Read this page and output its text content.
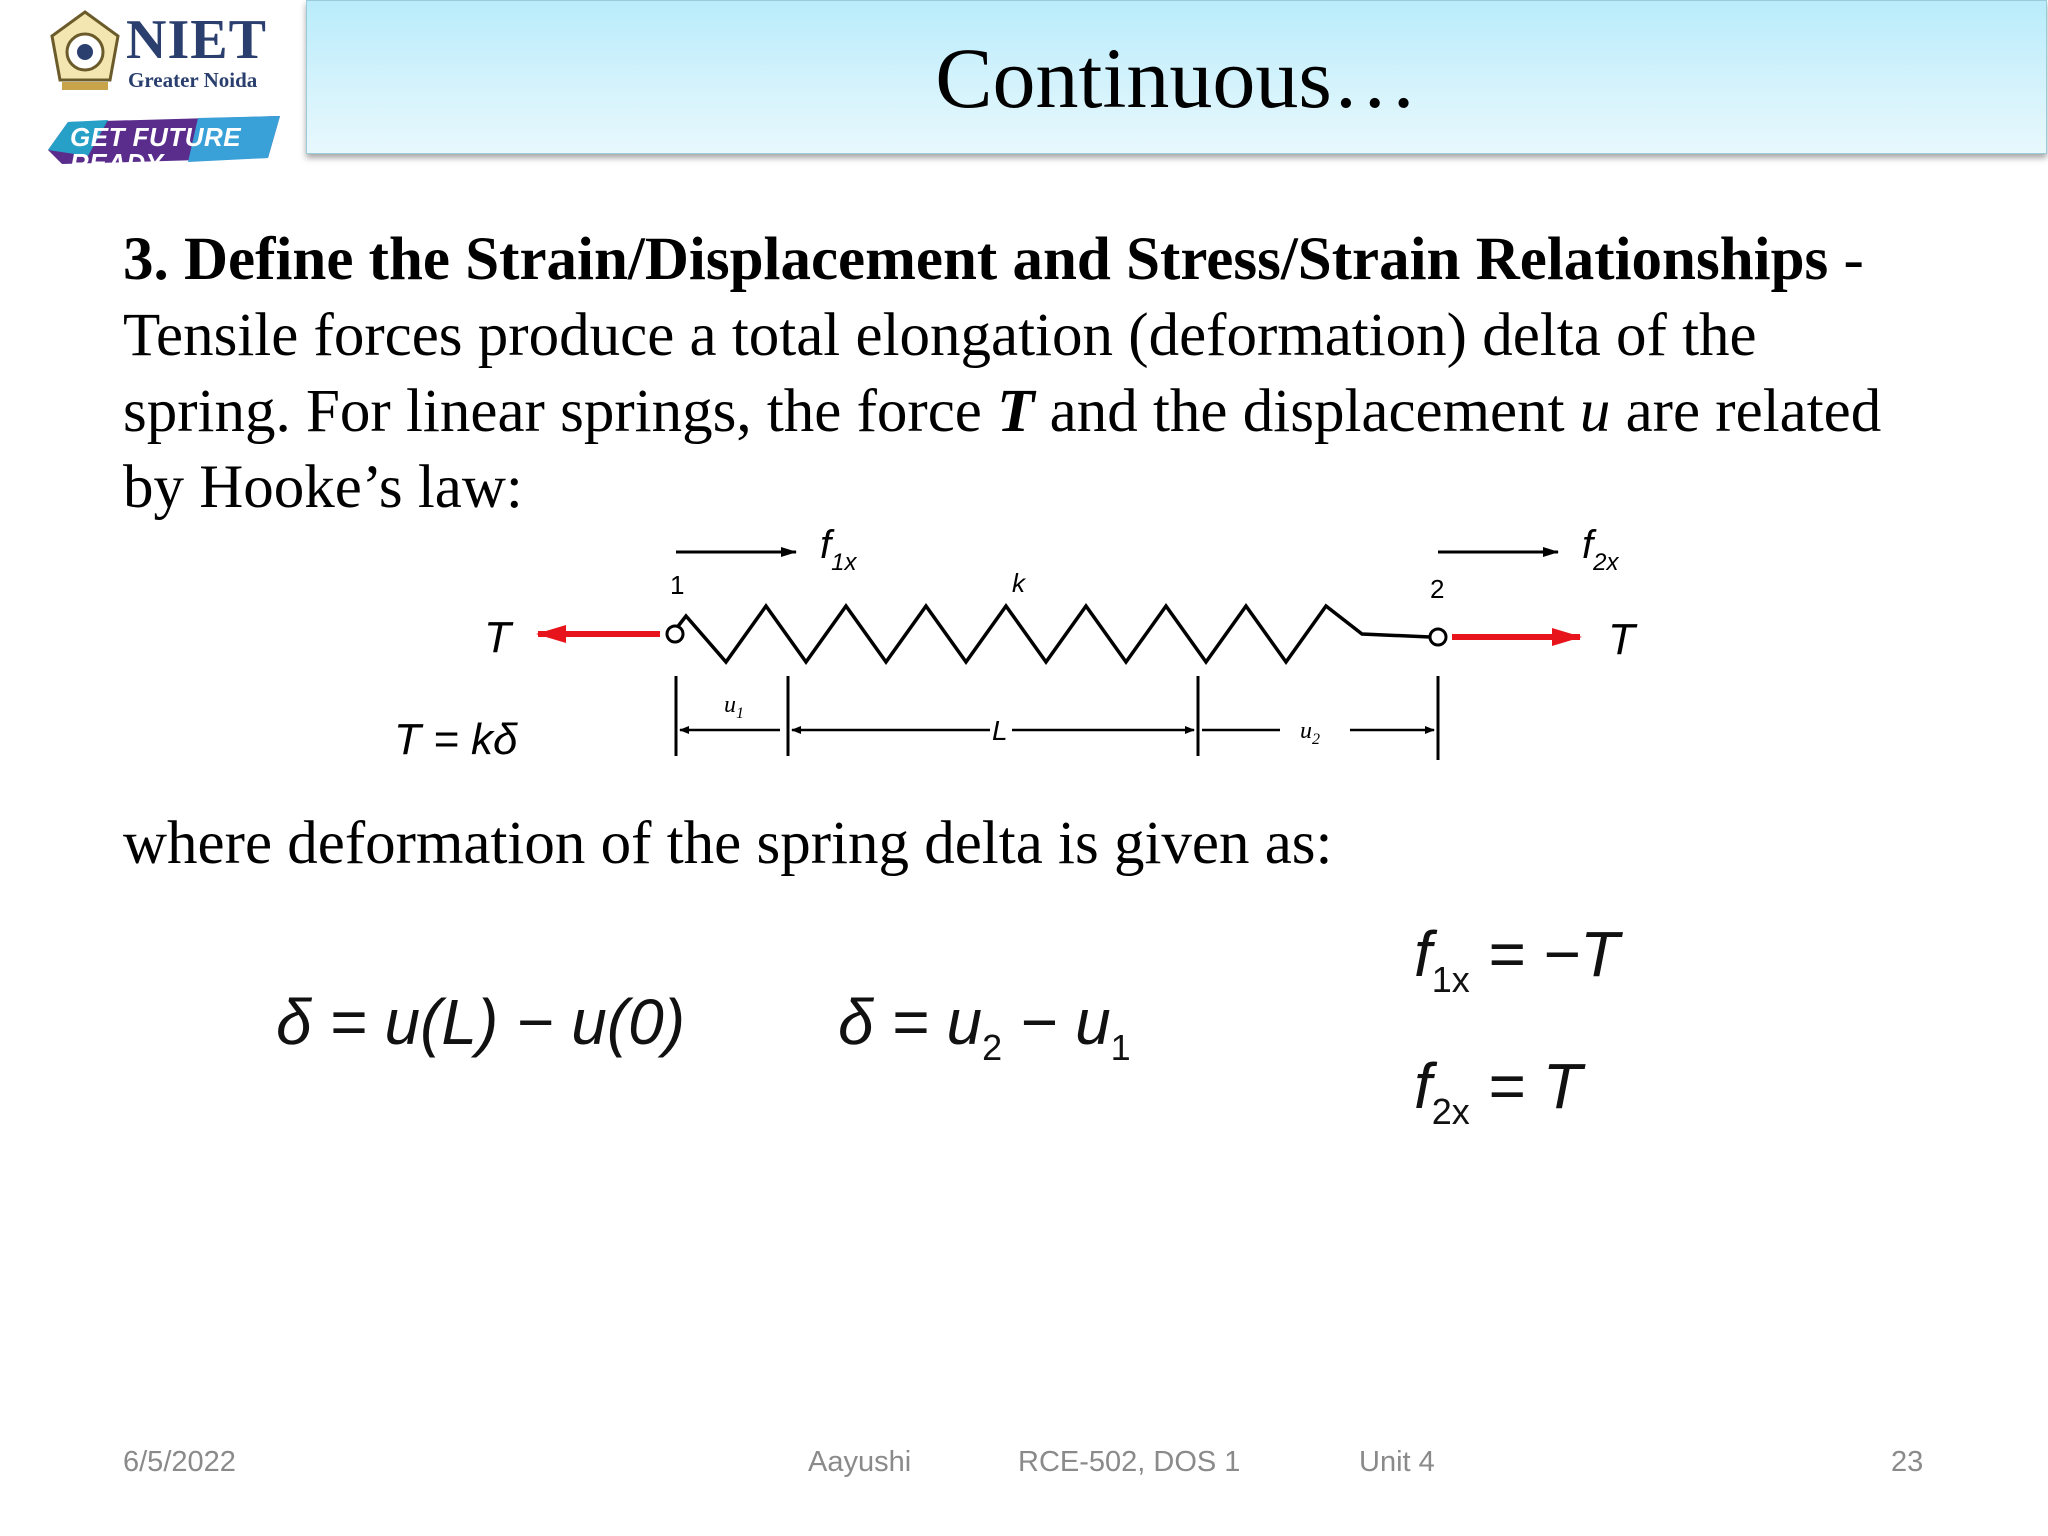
NIET
Greater Noida
GET FUTURE READY
Continuous…
3. Define the Strain/Displacement and Stress/Strain Relationships - Tensile forces produce a total elongation (deformation) delta of the spring. For linear springs, the force T and the displacement u are related by Hooke’s law:
T	T
k
L
T = kδ
$f_{1x}$	$f_{2x}$
$u_1$
$u_2$
1	2
where deformation of the spring delta is given as:
δ = u(L) − u(0) $\delta = u_2 - u_1$
$f_{1x} = -T$
$f_{2x} = T$
6/5/2022	Aayushi	RCE-502, DOS 1	Unit 4	23
